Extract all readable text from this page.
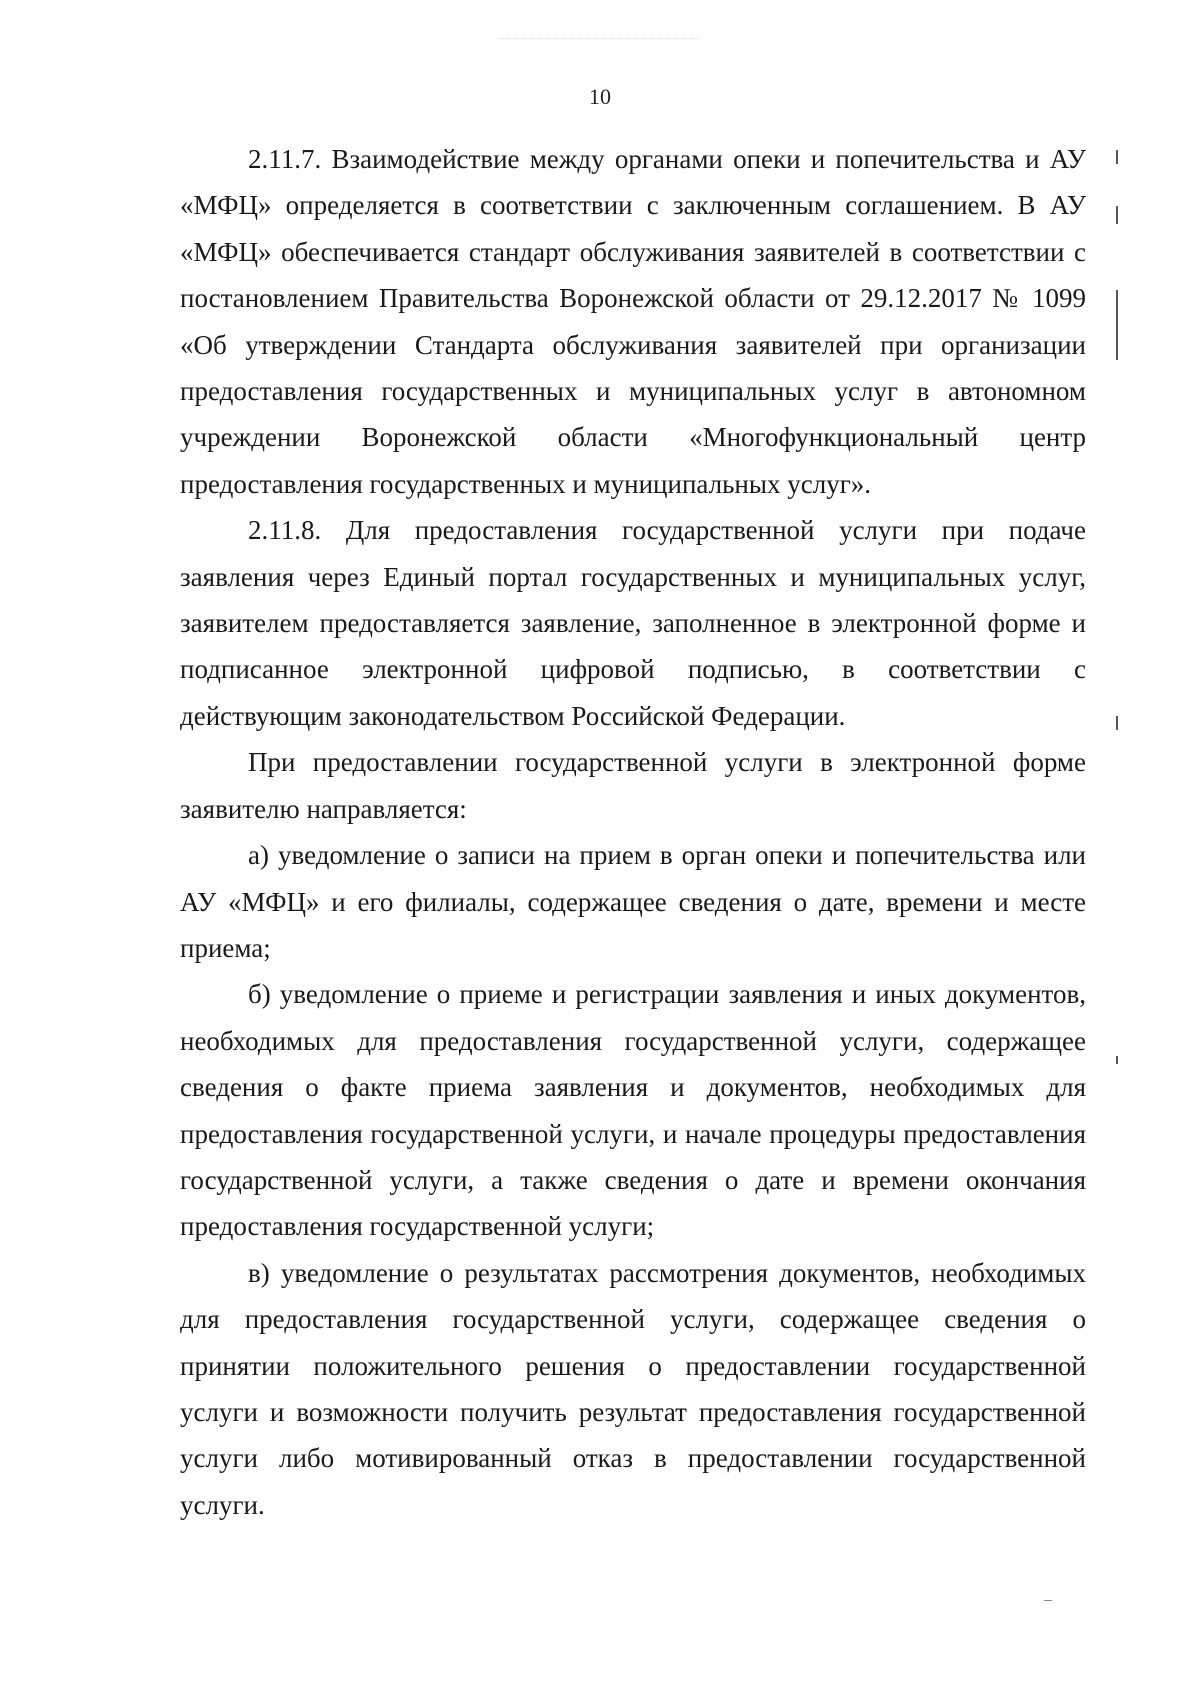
10

2.11.7. Взаимодействие между органами опеки и попечительства и АУ «МФЦ» определяется в соответствии с заключенным соглашением. В АУ «МФЦ» обеспечивается стандарт обслуживания заявителей в соответствии с постановлением Правительства Воронежской области от 29.12.2017 № 1099 «Об утверждении Стандарта обслуживания заявителей при организации предоставления государственных и муниципальных услуг в автономном учреждении Воронежской области «Многофункциональный центр предоставления государственных и муниципальных услуг».

2.11.8. Для предоставления государственной услуги при подаче заявления через Единый портал государственных и муниципальных услуг, заявителем предоставляется заявление, заполненное в электронной форме и подписанное электронной цифровой подписью, в соответствии с действующим законодательством Российской Федерации.

При предоставлении государственной услуги в электронной форме заявителю направляется:

а) уведомление о записи на прием в орган опеки и попечительства или АУ «МФЦ» и его филиалы, содержащее сведения о дате, времени и месте приема;

б) уведомление о приеме и регистрации заявления и иных документов, необходимых для предоставления государственной услуги, содержащее сведения о факте приема заявления и документов, необходимых для предоставления государственной услуги, и начале процедуры предоставления государственной услуги, а также сведения о дате и времени окончания предоставления государственной услуги;

в) уведомление о результатах рассмотрения документов, необходимых для предоставления государственной услуги, содержащее сведения о принятии положительного решения о предоставлении государственной услуги и возможности получить результат предоставления государственной услуги либо мотивированный отказ в предоставлении государственной услуги.
